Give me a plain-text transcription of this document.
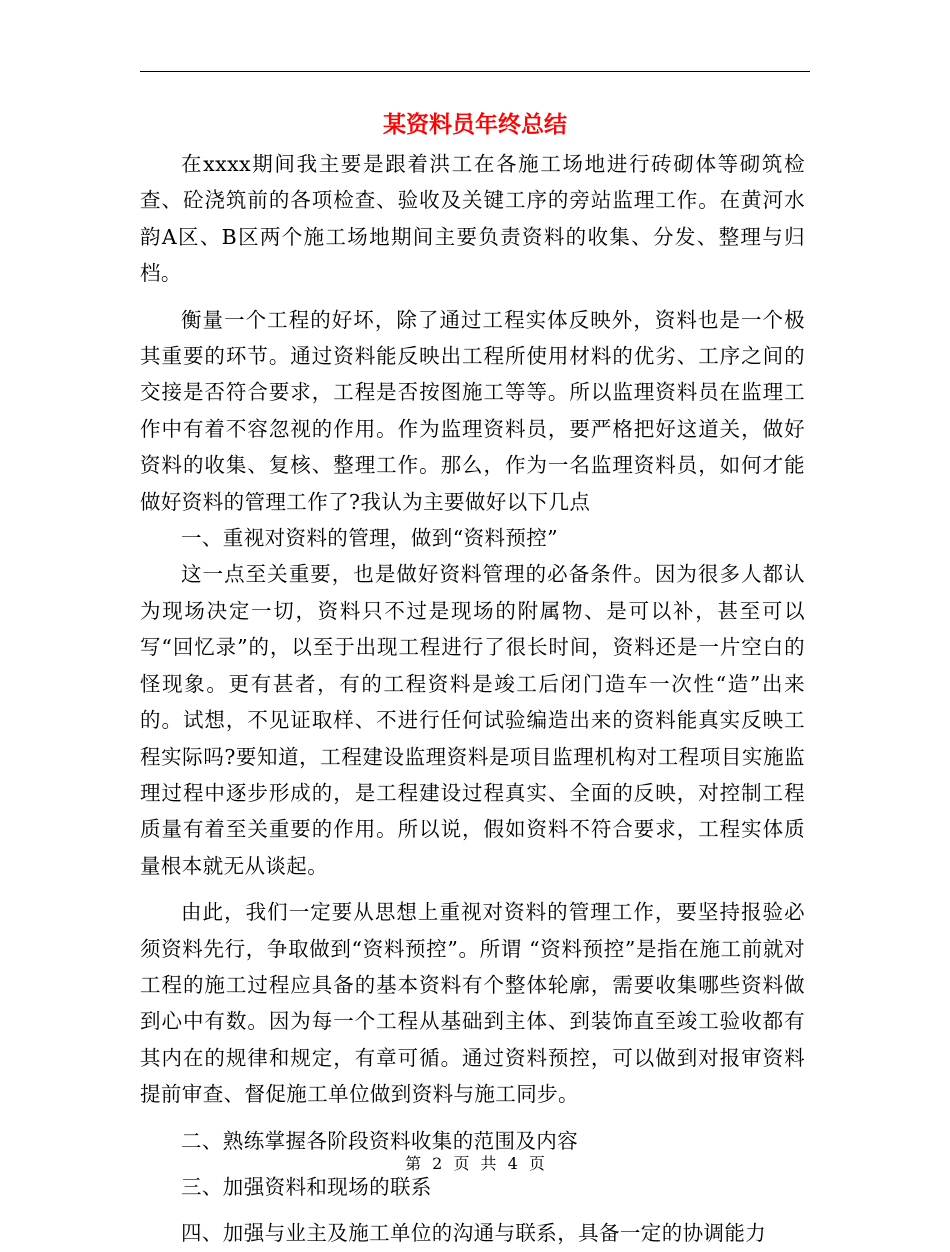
某资料员年终总结

在xxxx期间我主要是跟着洪工在各施工场地进行砖砌体等砌筑检查、砼浇筑前的各项检查、验收及关键工序的旁站监理工作。在黄河水韵A区、B区两个施工场地期间主要负责资料的收集、分发、整理与归档。

衡量一个工程的好坏，除了通过工程实体反映外，资料也是一个极其重要的环节。通过资料能反映出工程所使用材料的优劣、工序之间的交接是否符合要求，工程是否按图施工等等。所以监理资料员在监理工作中有着不容忽视的作用。作为监理资料员，要严格把好这道关，做好资料的收集、复核、整理工作。那么，作为一名监理资料员，如何才能做好资料的管理工作了?我认为主要做好以下几点

一、重视对资料的管理，做到“资料预控”

这一点至关重要，也是做好资料管理的必备条件。因为很多人都认为现场决定一切，资料只不过是现场的附属物、是可以补，甚至可以写“回忆录”的，以至于出现工程进行了很长时间，资料还是一片空白的怪现象。更有甚者，有的工程资料是竣工后闭门造车一次性“造”出来的。试想，不见证取样、不进行任何试验编造出来的资料能真实反映工程实际吗?要知道，工程建设监理资料是项目监理机构对工程项目实施监理过程中逐步形成的，是工程建设过程真实、全面的反映，对控制工程质量有着至关重要的作用。所以说，假如资料不符合要求，工程实体质量根本就无从谈起。

由此，我们一定要从思想上重视对资料的管理工作，要坚持报验必须资料先行，争取做到“资料预控”。所谓 “资料预控”是指在施工前就对工程的施工过程应具备的基本资料有个整体轮廓，需要收集哪些资料做到心中有数。因为每一个工程从基础到主体、到装饰直至竣工验收都有其内在的规律和规定，有章可循。通过资料预控，可以做到对报审资料提前审查、督促施工单位做到资料与施工同步。

二、熟练掌握各阶段资料收集的范围及内容

三、加强资料和现场的联系

四、加强与业主及施工单位的沟通与联系，具备一定的协调能力

第 2 页 共 4 页
